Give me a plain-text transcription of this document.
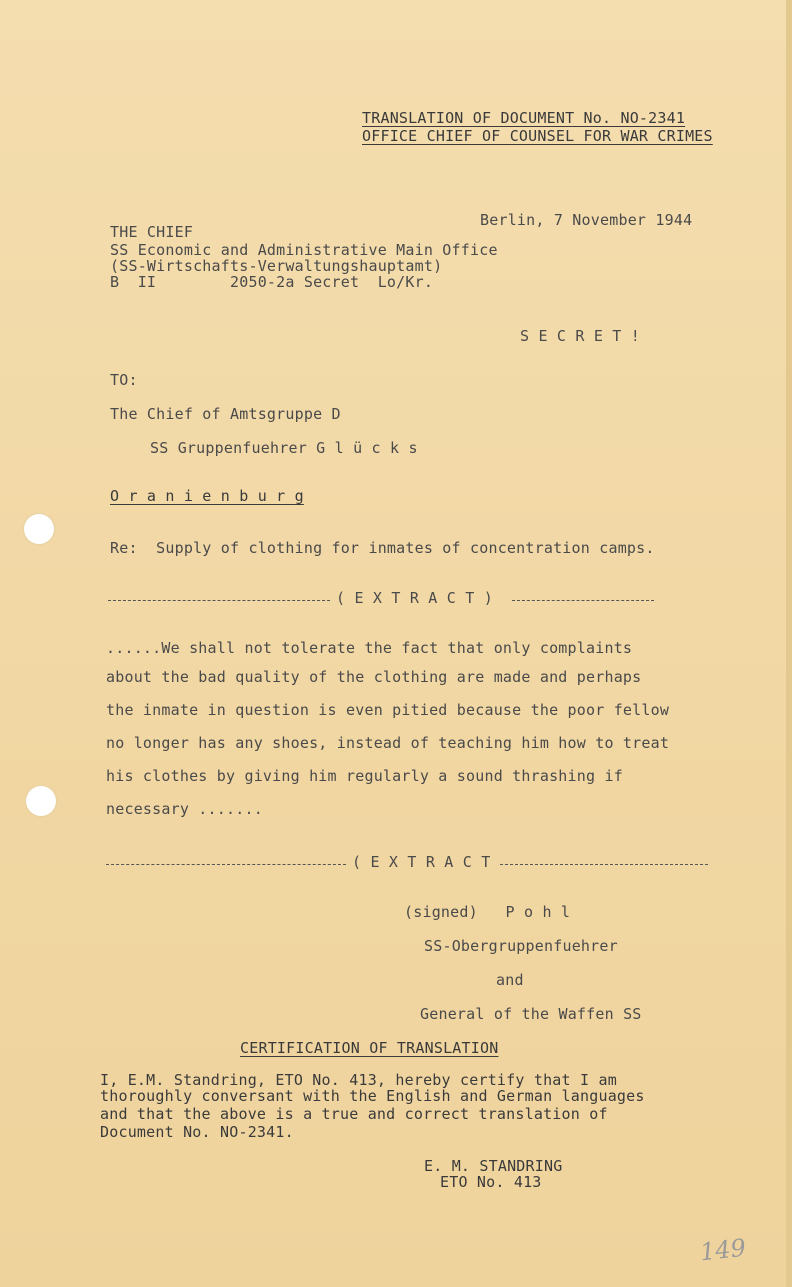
TRANSLATION OF DOCUMENT No. NO-2341
OFFICE CHIEF OF COUNSEL FOR WAR CRIMES
Berlin, 7 November 1944
THE CHIEF
SS Economic and Administrative Main Office
(SS-Wirtschafts-Verwaltungshauptamt)
B  II        2050-2a Secret  Lo/Kr.
S E C R E T !
TO:
The Chief of Amtsgruppe D
SS Gruppenfuehrer G l ü c k s
O r a n i e n b u r g
Re:  Supply of clothing for inmates of concentration camps.
( E X T R A C T )
......We shall not tolerate the fact that only complaints
about the bad quality of the clothing are made and perhaps
the inmate in question is even pitied because the poor fellow
no longer has any shoes, instead of teaching him how to treat
his clothes by giving him regularly a sound thrashing if
necessary .......
( E X T R A C T
(signed)   P o h l
SS-Obergruppenfuehrer
and
General of the Waffen SS
CERTIFICATION OF TRANSLATION
I, E.M. Standring, ETO No. 413, hereby certify that I am
thoroughly conversant with the English and German languages
and that the above is a true and correct translation of
Document No. NO-2341.
E. M. STANDRING
ETO No. 413
149
